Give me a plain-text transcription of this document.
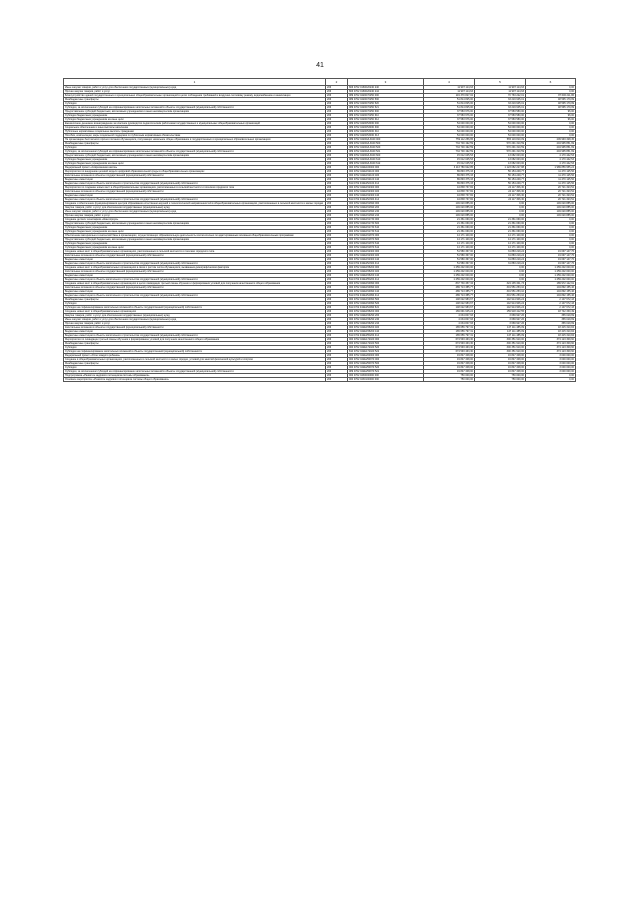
41
1	2	3	4	5	6
Иные закупки товаров, работ и услуг для обеспечения государственных (муниципальных) нужд	206	806 0702 0160020240 240	11 997 114,63	11 997 114,63	0,00
Прочая закупка товаров, работ и услуг	206	806 0702 0160020240 244	11 997 114,63	11 997 114,63	0,00
Благоустройство зданий государственных и муниципальных общеобразовательных организаций в целях соблюдения требований к воздушно-тепловому режиму, водоснабжению и канализации	206	089 0702 0420070250 000	119 370 827,02	70 763 222,01	87 606 211,86
Межбюджетные трансферты	206	089 0702 0420070250 500	51 814 825,00	33 219 645,01	48 595 179,99
Субсидии	206	089 0702 0420070250 520	51 814 825,00	33 219 645,01	48 595 179,99
Субсидии, за исключением субсидий на софинансирование капитальных вложений в объекты государственной (муниципальной) собственности	206	089 0702 0420070250 521	51 814 825,00	33 219 645,01	48 595 179,99
Предоставление субсидий бюджетным, автономным учреждениям и иным некоммерческим организациям	206	089 0702 0420070250 600	37 583 676,00	37 583 580,00	96,00
Субсидии бюджетным учреждениям	206	089 0702 0420070250 610	37 583 676,00	37 583 580,00	96,00
Субсидии бюджетным учреждениям на иные цели	206	089 0702 0420070250 612	37 583 676,00	37 583 580,00	96,00
Ежемесячное денежное вознаграждение за классное руководство педагогическим работникам государственных и муниципальных общеобразовательных организаций	206	089 0702 0420053030 000	54 000 000,00	54 000 000,00	0,00
Социальное обеспечение и иные выплаты населению	206	089 0702 0420053030 300	54 000 000,00	54 000 000,00	0,00
Публичные нормативные социальные выплаты гражданам	206	089 0702 0420053030 310	54 000 000,00	54 000 000,00	0,00
Пособия, компенсации, меры социальной поддержки по публичным нормативным обязательствам	206	089 0702 0420053030 313	54 000 000,00	54 000 000,00	0,00
На организацию бесплатного горячего питания обучающихся, получающих начальное общее образование в государственных и муниципальных образовательных организациях	206	089 0702 042002L3040 000	759 112 256,65	565 119 810,09	209 993 328,45
Межбюджетные трансферты	206	089 0702 042002L3040 500	734 700 192,59	570 291 310,59	204 995 851,69
Субсидии	206	089 0702 042002L3040 520	734 700 192,59	570 291 310,59	204 995 851,69
Субсидии, за исключением субсидий на софинансирование капитальных вложений в объекты государственной (муниципальной) собственности	206	089 0702 042002L3040 521	734 700 192,59	570 291 310,59	204 995 851,69
Предоставление субсидий бюджетным, автономным учреждениям и иным некоммерческим организациям	206	089 0702 042002L3040 600	15 012 045,53	13 082 003,00	4 170 442,53
Субсидии бюджетным учреждениям	206	089 0702 042002L3040 610	15 012 045,53	13 082 003,00	4 170 442,53
Субсидии бюджетным учреждениям на иные цели	206	089 0702 042002L3040 612	15 012 045,53	13 082 003,00	4 170 442,53
Федеральный проект «Современная школа»	206	000 0702 042E100000 000	3 113 780 622,85	1 123 082 227,88	1 989 856 955,24
Мероприятия по внедрению целевой модели цифровой образовательной среды в общеобразовательных организациях	206	000 0702 042E152100 000	89 893 375,33	56 154 249,77	11 470 125,56
Капитальные вложения в объекты государственной (муниципальной) собственности	206	000 0702 042E152100 400	89 893 375,33	56 154 249,77	11 470 125,56
Бюджетные инвестиции	206	000 0702 042E152100 410	89 893 375,33	56 154 249,77	11 470 125,56
Бюджетные инвестиции в объекты капитального строительства государственной (муниципальной) собственности	206	811 0702 042E152100 414	89 893 375,33	56 154 249,77	11 470 125,56
Мероприятия по созданию новых мест в общеобразовательных организациях, расположенных в сельской местности и поселках городского типа	206	000 0702 042E152300 000	44 838 737,82	24 117 306,30	20 721 323,52
Капитальные вложения в объекты государственной (муниципальной) собственности	206	000 0702 042E152300 400	44 838 737,82	24 117 306,30	20 721 323,52
Бюджетные инвестиции	206	000 0702 042E152300 410	44 838 737,82	24 117 306,30	20 721 323,52
Бюджетные инвестиции в объекты капитального строительства государственной (муниципальной) собственности	206	811 0702 042E152300 414	44 838 737,82	24 117 306,30	20 721 323,52
Создание и обеспечение функционирования центров образования естественно-научной и технологической направленностей в общеобразовательных организациях, расположенных в сельской местности и малых городах	206	000 0702 042E151690 000	149 020 885,00	0,00	149 020 885,00
Закупка товаров, работ и услуг для обеспечения государственных (муниципальных) нужд	206	000 0702 042E151690 200	149 020 885,00	0,00	149 020 885,00
Иные закупки товаров, работ и услуг для обеспечения государственных (муниципальных) нужд	206	000 0702 042E151690 240	149 020 885,00	0,00	149 020 885,00
Прочая закупка товаров, работ и услуг	206	000 0702 042E151690 244	149 020 885,00	0,00	149 020 885,00
Создание детских технопарков «Кванториум»	206	000 0702 042E151730 000	21 361 060,00	21 361 060,00	0,00
Предоставление субсидий бюджетным, автономным учреждениям и иным некоммерческим организациям	206	000 0702 042E151730 600	21 361 060,00	21 361 060,00	0,00
Субсидии бюджетным учреждениям	206	000 0702 042E151730 610	21 361 060,00	21 361 060,00	0,00
Субсидии бюджетным учреждениям на иные цели	206	000 0702 042E151730 612	21 361 060,00	21 361 060,00	0,00
Обеспечение материально-технической базы в организациях, осуществляющих образовательную деятельность исключительно по адаптированным основным общеобразовательным программам	206	000 0702 042E151870 000	14 171 100,00	14 171 100,00	0,00
Предоставление субсидий бюджетным, автономным учреждениям и иным некоммерческим организациям	206	000 0702 042E151870 600	14 171 100,00	14 171 100,00	0,00
Субсидии бюджетным учреждениям	206	000 0702 042E151870 610	14 171 100,00	14 171 100,00	0,00
Субсидии бюджетным учреждениям на иные цели	206	000 0702 042E151870 612	14 171 100,00	14 171 100,00	0,00
Создание новых мест в общеобразовательных организациях, расположенных в сельской местности и поселках городского типа	206	000 0702 042E152300 000	51 580 367,00	31 883 219,24	19 697 147,76
Капитальные вложения в объекты государственной (муниципальной) собственности	206	000 0702 042E152300 400	51 580 367,00	31 883 219,24	19 697 147,76
Бюджетные инвестиции	206	000 0702 042E152300 410	51 580 367,00	31 883 219,24	19 697 147,76
Бюджетные инвестиции в объекты капитального строительства государственной (муниципальной) собственности	206	811 0702 042E152300 414	51 580 367,00	31 883 219,24	19 697 147,76
Создание новых мест в общеобразовательных организациях в связи с ростом числа обучающихся, вызванным демографическим фактором	206	000 0702 042E155200 000	1 259 202 000,00	0,00	1 259 202 000,00
Капитальные вложения в объекты государственной (муниципальной) собственности	206	000 0702 042E155200 400	1 259 202 000,00	0,00	1 259 202 000,00
Бюджетные инвестиции	206	000 0702 042E155200 410	1 259 202 000,00	0,00	1 259 202 000,00
Бюджетные инвестиции в объекты капитального строительства государственной (муниципальной) собственности	206	811 0702 042E155200 414	1 259 202 000,00	0,00	1 259 202 000,00
Создание новых мест в общеобразовательных организациях в целях ликвидации третьей смены обучения и формирования условий для получения качественного общего образования	206	000 0702 042E154990 000	837 730 457,34	324 135 341,73	189 972 122,91
Капитальные вложения в объекты государственной (муниципальной) собственности	206	000 0702 042E154990 400	489 713 385,77	301 551 253,10	104 892 155,46
Бюджетные инвестиции	206	000 0702 042E154990 410	489 713 385,77	301 551 253,10	104 892 155,46
Бюджетные инвестиции в объекты капитального строительства государственной (муниципальной) собственности	206	811 0702 042E154990 414	489 713 385,77	301 551 253,10	104 892 155,46
Межбюджетные трансферты	206	000 0702 042E154990 500	148 022 983,67	142 914 906,24	2 107 672,43
Субсидии	206	000 0702 042E154990 520	148 022 983,67	142 914 906,24	2 107 672,43
Субсидии на софинансирование капитальных вложений в объекты государственной (муниципальной) собственности	206	811 0702 042E154990 522	148 022 983,67	142 914 906,24	2 107 672,43
Создание новых мест в общеобразовательных организациях	206	000 0702 042E155200 000	169 691 645,24	159 918 412,55	18 742 330,49
Закупка товаров, работ и услуг для обеспечения государственных (муниципальных) нужд	206	000 0702 042E156290 200	4 034 847,93	3 669 927,26	365 019,69
Иные закупки товаров, работ и услуг для обеспечения государственных (муниципальных) нужд	206	000 0702 042E156290 240	4 034 847,93	3 669 927,26	365 019,69
Прочая закупка товаров, работ и услуг	206	000 0702 042E156290 244	4 034 847,93	3 669 927,26	365 019,69
Капитальные вложения в объекты государственной (муниципальной) собственности	206	000 0702 042E155200 400	165 656 797,31	147 111 485,09	18 415 310,84
Бюджетные инвестиции	206	000 0702 042E155200 410	165 656 797,31	147 111 485,09	18 415 310,84
Бюджетные инвестиции в объекты капитального строительства государственной (муниципальной) собственности	206	811 0702 042E155200 414	165 656 797,31	147 111 485,09	18 415 310,84
Мероприятия по ликвидации третьей смены обучения и формированию условий для получения качественного общего образования	206	000 0702 042E172020 000	674 593 463,30	300 351 910,00	374 123 309,60
Межбюджетные трансферты	206	000 0702 042E172020 500	674 593 463,30	300 351 910,00	374 123 309,60
Субсидии	206	000 0702 042E172020 520	674 593 463,30	300 351 910,00	374 123 309,60
Субсидии на софинансирование капитальных вложений в объекты государственной (муниципальной) собственности	206	810 0702 042E172020 522	674 593 463,30	300 351 910,00	374 123 309,60
Федеральный проект «Успех каждого ребенка»	206	000 0702 042E200000 000	19 847 348,00	16 847 348,00	3 000 000,00
Создание в общеобразовательных организациях, расположенных в сельской местности и малых городах, условий для занятий физической культурой и спортом	206	000 0702 042E250970 000	19 847 348,00	16 847 348,00	3 000 000,00
Межбюджетные трансферты	206	000 0702 042E250970 500	19 847 348,00	16 847 348,00	3 000 000,00
Субсидии	206	000 0702 042E250970 520	19 847 348,00	16 847 348,00	3 000 000,00
Субсидии, за исключением субсидий на софинансирование капитальных вложений в объекты государственной (муниципальной) собственности	206	089 0702 042E250970 521	19 847 348,00	16 847 348,00	3 000 000,00
Подпрограмма «Развитие кадрового потенциала системы образования»	206	000 0702 0430000000 000	750 000,00	750 000,00	0,00
Основное мероприятие «Развитие кадрового потенциала системы общего образования»	206	000 0702 0430100000 000	750 000,00	750 000,00	0,00
